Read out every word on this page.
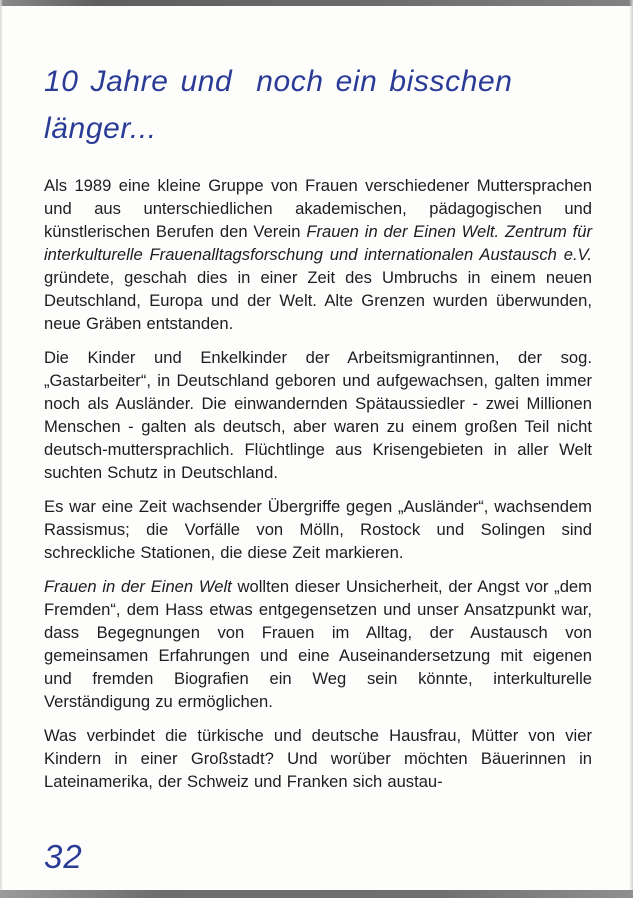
10 Jahre und  noch ein bisschen
länger...

Als 1989 eine kleine Gruppe von Frauen verschiedener Muttersprachen und aus unterschiedlichen akademischen, pädagogischen und künstlerischen Berufen den Verein Frauen in der Einen Welt. Zentrum für interkulturelle Frauenalltagsforschung und internationalen Austausch e.V. gründete, geschah dies in einer Zeit des Umbruchs in einem neuen Deutschland, Europa und der Welt. Alte Grenzen wurden überwunden, neue Gräben entstanden.

Die Kinder und Enkelkinder der Arbeitsmigrantinnen, der sog. „Gastarbeiter“, in Deutschland geboren und aufgewachsen, galten immer noch als Ausländer. Die einwandernden Spätaussiedler - zwei Millionen Menschen - galten als deutsch, aber waren zu einem großen Teil nicht deutsch-muttersprachlich. Flüchtlinge aus Krisengebieten in aller Welt suchten Schutz in Deutschland.

Es war eine Zeit wachsender Übergriffe gegen „Ausländer“, wachsendem Rassismus; die Vorfälle von Mölln, Rostock und Solingen sind schreckliche Stationen, die diese Zeit markieren.

Frauen in der Einen Welt wollten dieser Unsicherheit, der Angst vor „dem Fremden“, dem Hass etwas entgegensetzen und unser Ansatzpunkt war, dass Begegnungen von Frauen im Alltag, der Austausch von gemeinsamen Erfahrungen und eine Auseinandersetzung mit eigenen und fremden Biografien ein Weg sein könnte, interkulturelle Verständigung zu ermöglichen.

Was verbindet die türkische und deutsche Hausfrau, Mütter von vier Kindern in einer Großstadt? Und worüber möchten Bäuerinnen in Lateinamerika, der Schweiz und Franken sich austau-

32
